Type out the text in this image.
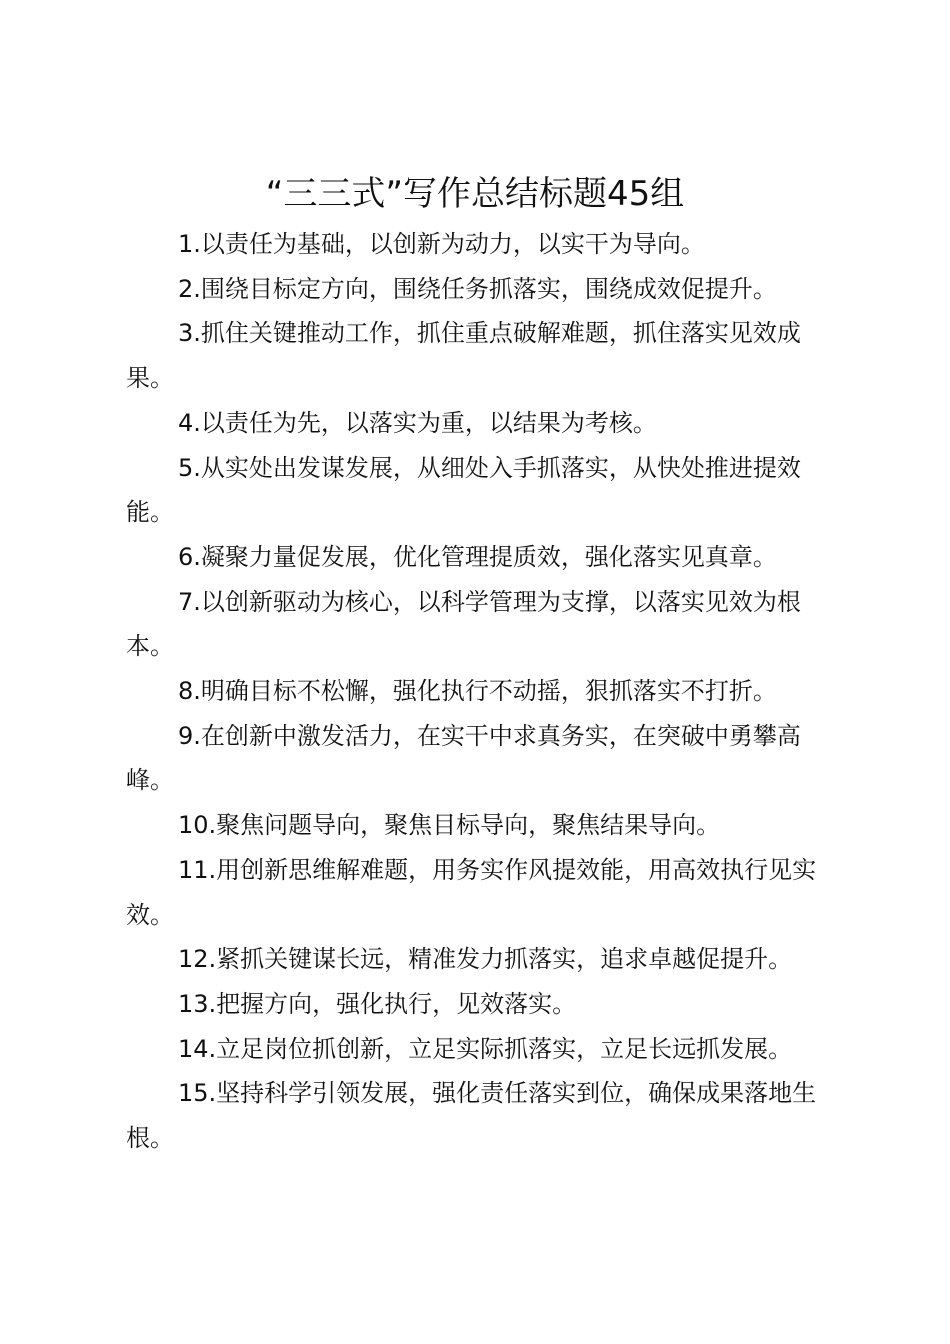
“三三式”写作总结标题45组

1.以责任为基础，以创新为动力，以实干为导向。

2.围绕目标定方向，围绕任务抓落实，围绕成效促提升。

3.抓住关键推动工作，抓住重点破解难题，抓住落实见效成果。

4.以责任为先，以落实为重，以结果为考核。

5.从实处出发谋发展，从细处入手抓落实，从快处推进提效能。

6.凝聚力量促发展，优化管理提质效，强化落实见真章。

7.以创新驱动为核心，以科学管理为支撑，以落实见效为根本。

8.明确目标不松懈，强化执行不动摇，狠抓落实不打折。

9.在创新中激发活力，在实干中求真务实，在突破中勇攀高峰。

10.聚焦问题导向，聚焦目标导向，聚焦结果导向。

11.用创新思维解难题，用务实作风提效能，用高效执行见实效。

12.紧抓关键谋长远，精准发力抓落实，追求卓越促提升。

13.把握方向，强化执行，见效落实。

14.立足岗位抓创新，立足实际抓落实，立足长远抓发展。

15.坚持科学引领发展，强化责任落实到位，确保成果落地生根。
